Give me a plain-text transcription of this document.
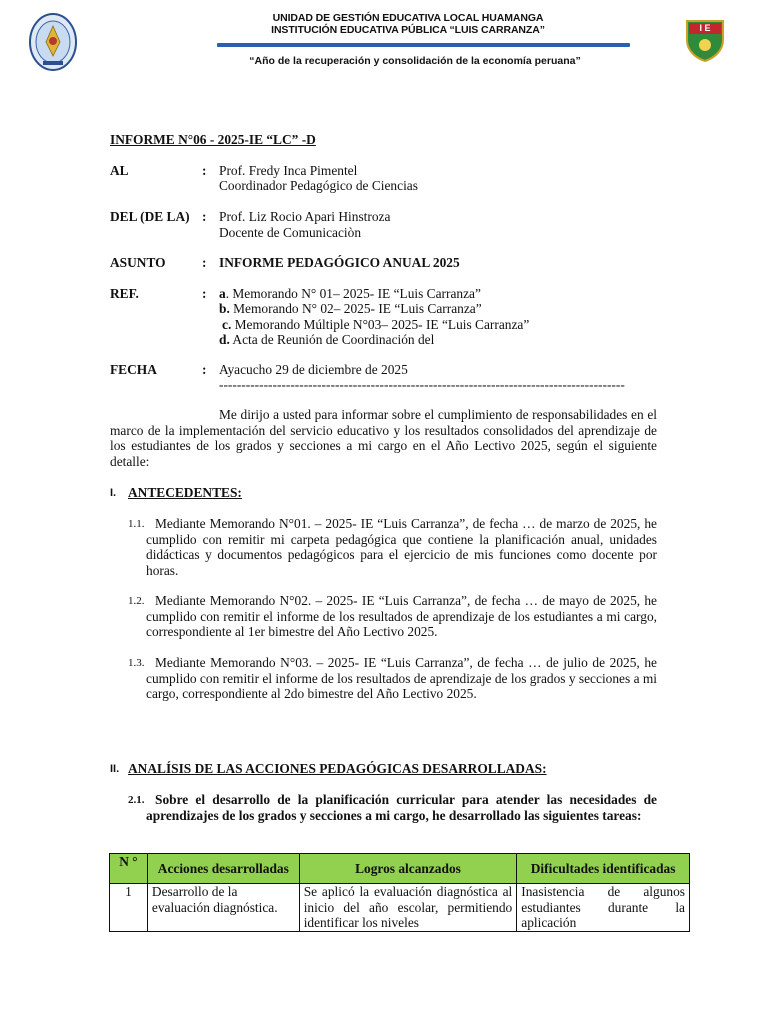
UNIDAD DE GESTIÓN EDUCATIVA LOCAL HUAMANGA
INSTITUCIÓN EDUCATIVA PÚBLICA “LUIS CARRANZA”
“Año de la recuperación y consolidación de la economía peruana”
I E
INFORME N°06 - 2025-IE “LC” -D
AL	: Prof. Fredy Inca Pimentel
Coordinador Pedagógico de Ciencias
DEL (DE LA) : Prof. Liz Rocio Apari Hinstroza
Docente de Comunicaciòn
ASUNTO	: INFORME PEDAGÓGICO ANUAL 2025
REF.	: a. Memorando N° 01– 2025- IE “Luis Carranza”
b. Memorando N° 02– 2025- IE “Luis Carranza”
c. Memorando Múltiple N°03– 2025- IE “Luis Carranza”
d. Acta de Reunión de Coordinación del
FECHA	: Ayacucho 29 de diciembre de 2025
-------------------------------------------------------------------------------------------
Me dirijo a usted para informar sobre el cumplimiento de responsabilidades en el marco de la implementación del servicio educativo y los resultados consolidados del aprendizaje de los estudiantes de los grados y secciones a mi cargo en el Año Lectivo 2025, según el siguiente detalle:
I. ANTECEDENTES:
1.1. Mediante Memorando N°01. – 2025- IE “Luis Carranza”, de fecha … de marzo de 2025, he cumplido con remitir mi carpeta pedagógica que contiene la planificación anual, unidades didácticas y documentos pedagógicos para el ejercicio de mis funciones como docente por horas.
1.2. Mediante Memorando N°02. – 2025- IE “Luis Carranza”, de fecha … de mayo de 2025, he cumplido con remitir el informe de los resultados de aprendizaje de los estudiantes a mi cargo, correspondiente al 1er bimestre del Año Lectivo 2025.
1.3. Mediante Memorando N°03. – 2025- IE “Luis Carranza”, de fecha … de julio de 2025, he cumplido con remitir el informe de los resultados de aprendizaje de los grados y secciones a mi cargo, correspondiente al 2do bimestre del Año Lectivo 2025.
II. ANALÍSIS DE LAS ACCIONES PEDAGÓGICAS DESARROLLADAS:
2.1. Sobre el desarrollo de la planificación curricular para atender las necesidades de aprendizajes de los grados y secciones a mi cargo, he desarrollado las siguientes tareas:
N °	Acciones desarrolladas	Logros alcanzados	Dificultades identificadas
1	Desarrollo de la evaluación diagnóstica.	Se aplicó la evaluación diagnóstica al inicio del año escolar, permitiendo identificar los niveles	Inasistencia de algunos estudiantes durante la aplicación
